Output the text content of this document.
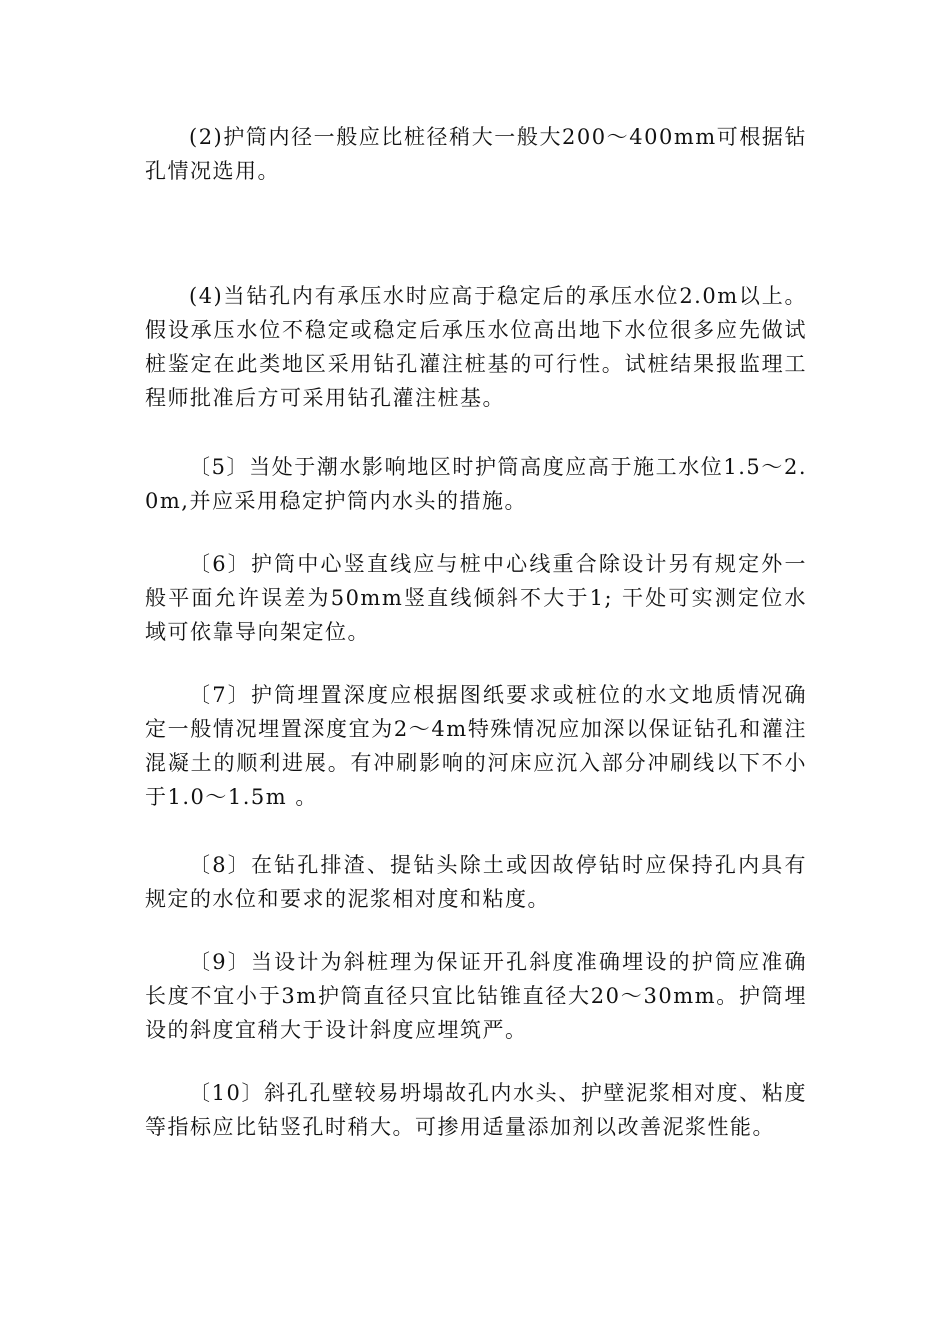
(2)护筒内径一般应比桩径稍大一般大200～400mm可根据钻孔情况选用。

(4)当钻孔内有承压水时应高于稳定后的承压水位2.0m以上。假设承压水位不稳定或稳定后承压水位高出地下水位很多应先做试桩鉴定在此类地区采用钻孔灌注桩基的可行性。试桩结果报监理工程师批准后方可采用钻孔灌注桩基。

〔5〕当处于潮水影响地区时护筒高度应高于施工水位1.5～2.0m,并应采用稳定护筒内水头的措施。

〔6〕护筒中心竖直线应与桩中心线重合除设计另有规定外一般平面允许误差为50mm竖直线倾斜不大于1; 干处可实测定位水域可依靠导向架定位。

〔7〕护筒埋置深度应根据图纸要求或桩位的水文地质情况确定一般情况埋置深度宜为2～4m特殊情况应加深以保证钻孔和灌注混凝土的顺利进展。有冲刷影响的河床应沉入部分冲刷线以下不小于1.0～1.5m 。

〔8〕在钻孔排渣、提钻头除土或因故停钻时应保持孔内具有规定的水位和要求的泥浆相对度和粘度。

〔9〕当设计为斜桩理为保证开孔斜度准确埋设的护筒应准确长度不宜小于3m护筒直径只宜比钻锥直径大20～30mm。护筒埋设的斜度宜稍大于设计斜度应埋筑严。

〔10〕斜孔孔壁较易坍塌故孔内水头、护壁泥浆相对度、粘度等指标应比钻竖孔时稍大。可掺用适量添加剂以改善泥浆性能。
